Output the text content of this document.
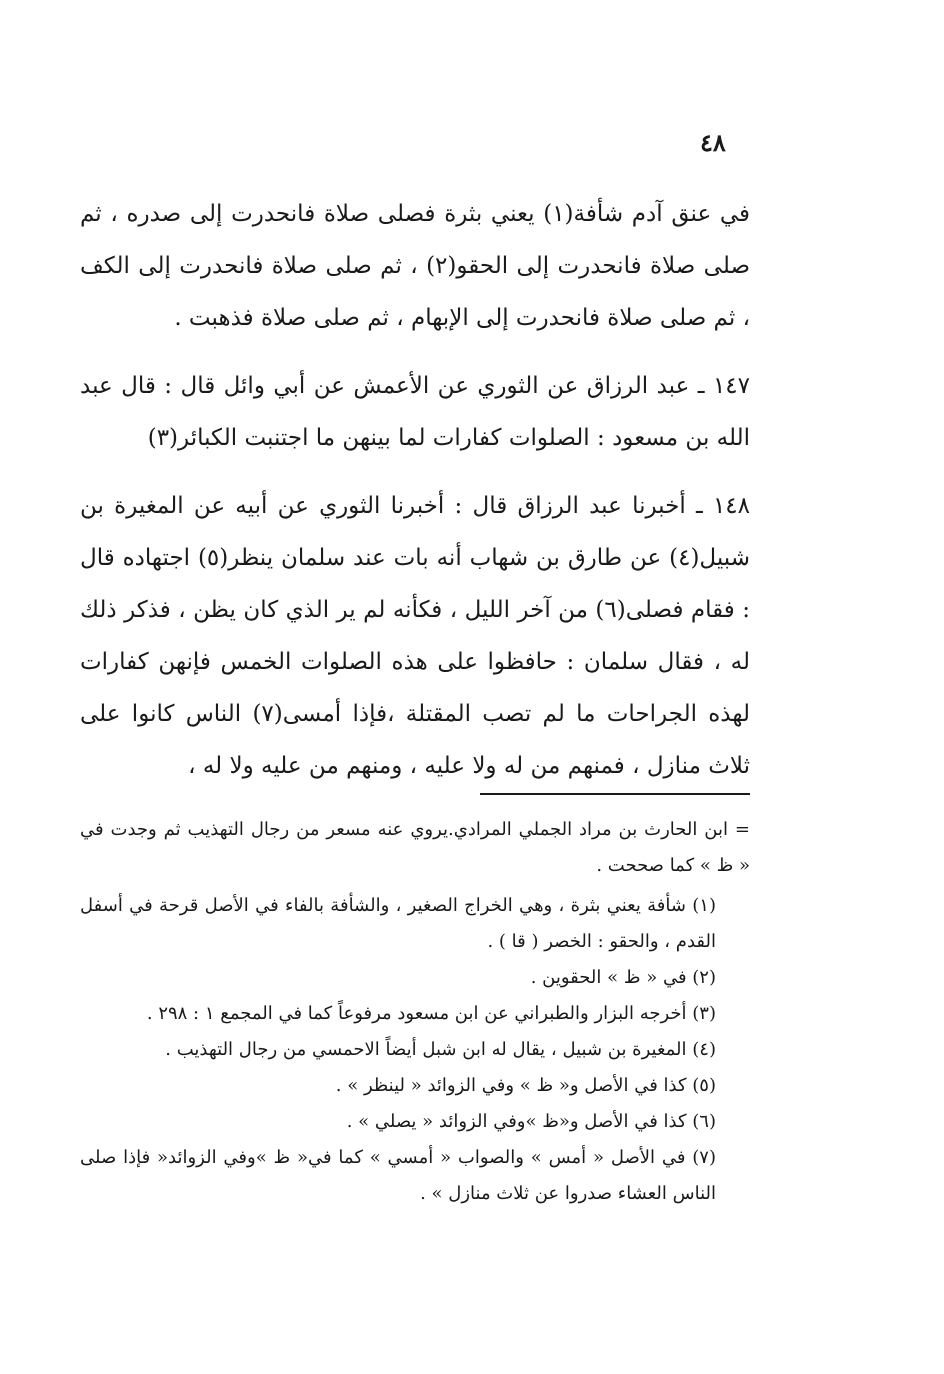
٤٨

في عنق آدم شأفة(١) يعني بثرة فصلى صلاة فانحدرت إلى صدره ، ثم صلى صلاة فانحدرت إلى الحقو(٢) ، ثم صلى صلاة فانحدرت إلى الكف ، ثم صلى صلاة فانحدرت إلى الإبهام ، ثم صلى صلاة فذهبت .

١٤٧ ـ عبد الرزاق عن الثوري عن الأعمش عن أبي وائل قال : قال عبد الله بن مسعود : الصلوات كفارات لما بينهن ما اجتنبت الكبائر(٣)

١٤٨ ـ أخبرنا عبد الرزاق قال : أخبرنا الثوري عن أبيه عن المغيرة بن شبيل(٤) عن طارق بن شهاب أنه بات عند سلمان ينظر(٥) اجتهاده قال : فقام فصلى(٦) من آخر الليل ، فكأنه لم ير الذي كان يظن ، فذكر ذلك له ، فقال سلمان : حافظوا على هذه الصلوات الخمس فإنهن كفارات لهذه الجراحات ما لم تصب المقتلة ،فإذا أمسى(٧) الناس كانوا على ثلاث منازل ، فمنهم من له ولا عليه ، ومنهم من عليه ولا له ،

= ابن الحارث بن مراد الجملي المرادي.يروي عنه مسعر من رجال التهذيب ثم وجدت في « ظ » كما صححت .

(١) شأفة يعني بثرة ، وهي الخراج الصغير ، والشأفة بالفاء في الأصل قرحة في أسفل القدم ، والحقو : الخصر ( قا ) .

(٢) في « ظ » الحقوين .

(٣) أخرجه البزار والطبراني عن ابن مسعود مرفوعاً كما في المجمع ١ : ٢٩٨ .

(٤) المغيرة بن شبيل ، يقال له ابن شبل أيضاً الاحمسي من رجال التهذيب .

(٥) كذا في الأصل و« ظ » وفي الزوائد « لينظر » .

(٦) كذا في الأصل و«ظ »وفي الزوائد « يصلي » .

(٧) في الأصل « أمس » والصواب « أمسي » كما في« ظ »وفي الزوائد« فإذا صلى الناس العشاء صدروا عن ثلاث منازل » .
